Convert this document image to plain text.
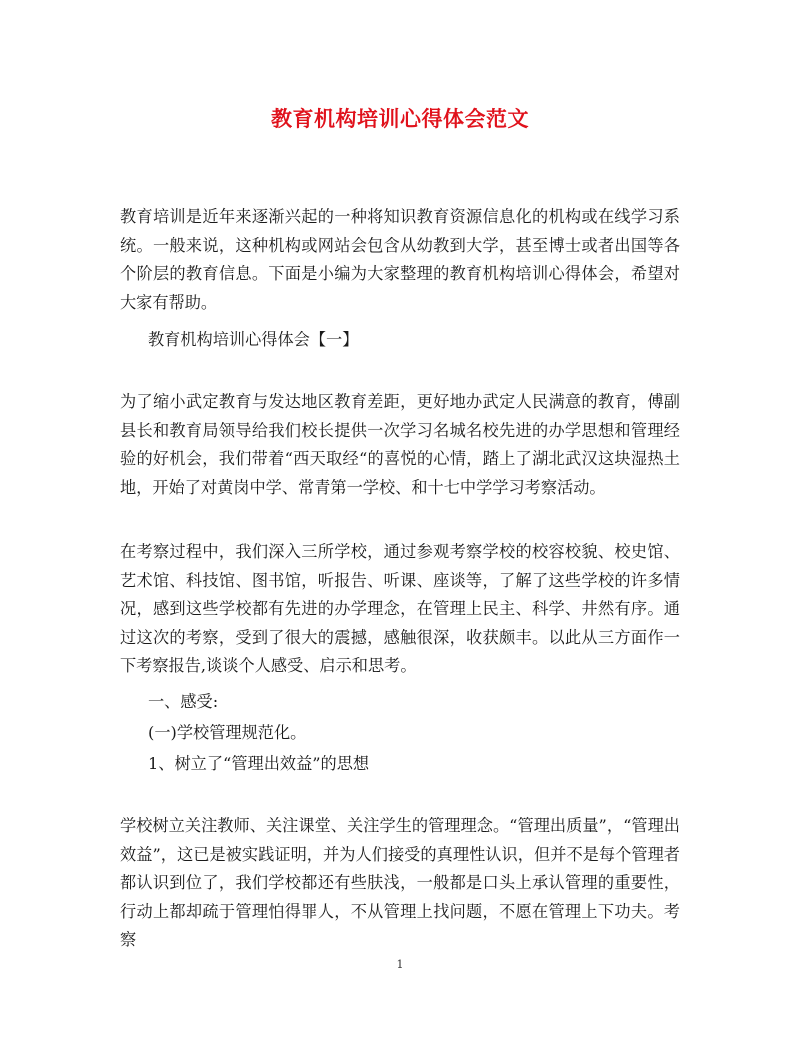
教育机构培训心得体会范文

教育培训是近年来逐渐兴起的一种将知识教育资源信息化的机构或在线学习系统。一般来说，这种机构或网站会包含从幼教到大学，甚至博士或者出国等各个阶层的教育信息。下面是小编为大家整理的教育机构培训心得体会，希望对大家有帮助。

教育机构培训心得体会【一】

为了缩小武定教育与发达地区教育差距，更好地办武定人民满意的教育，傅副县长和教育局领导给我们校长提供一次学习名城名校先进的办学思想和管理经验的好机会，我们带着“西天取经“的喜悦的心情，踏上了湖北武汉这块湿热土地，开始了对黄岗中学、常青第一学校、和十七中学学习考察活动。

在考察过程中，我们深入三所学校，通过参观考察学校的校容校貌、校史馆、艺术馆、科技馆、图书馆，听报告、听课、座谈等，了解了这些学校的许多情况，感到这些学校都有先进的办学理念，在管理上民主、科学、井然有序。通过这次的考察，受到了很大的震撼，感触很深，收获颇丰。以此从三方面作一下考察报告,谈谈个人感受、启示和思考。

一、感受:

(一)学校管理规范化。

1、树立了“管理出效益”的思想

学校树立关注教师、关注课堂、关注学生的管理理念。“管理出质量”，“管理出效益”，这已是被实践证明，并为人们接受的真理性认识，但并不是每个管理者都认识到位了，我们学校都还有些肤浅，一般都是口头上承认管理的重要性，行动上都却疏于管理怕得罪人，不从管理上找问题，不愿在管理上下功夫。考察

1
